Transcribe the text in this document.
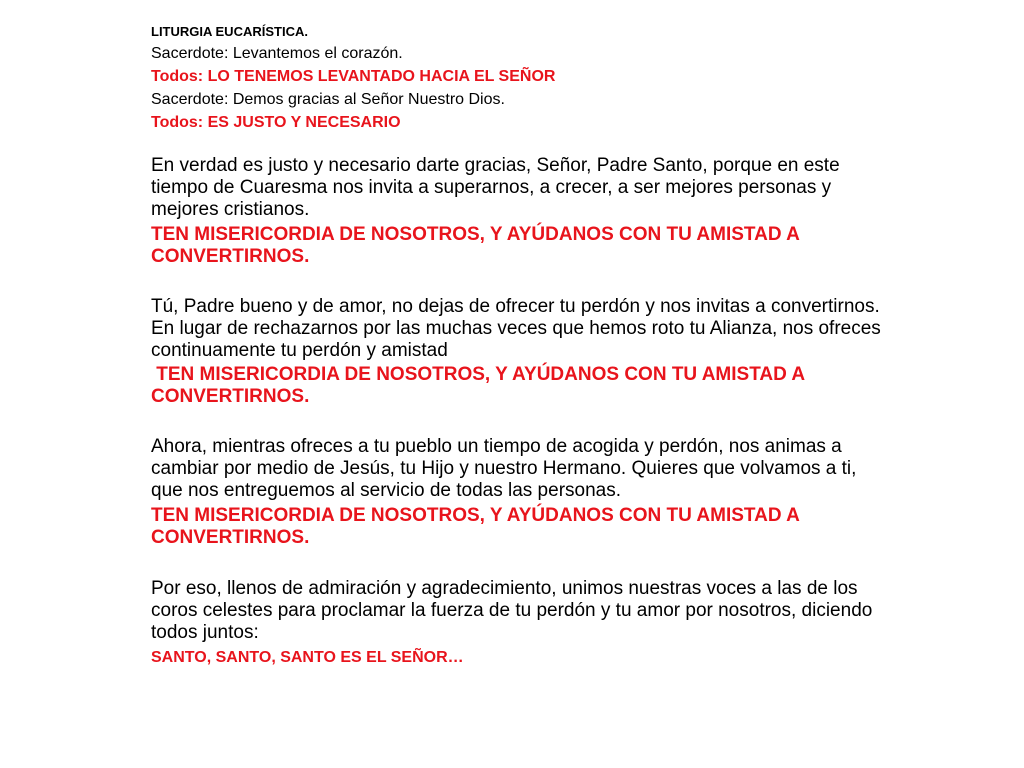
LITURGIA EUCARÍSTICA.

Sacerdote: Levantemos el corazón.

Todos: LO TENEMOS LEVANTADO HACIA EL SEÑOR

Sacerdote: Demos gracias al Señor Nuestro Dios.

Todos: ES JUSTO Y NECESARIO

En verdad es justo y necesario darte gracias, Señor, Padre Santo, porque en este tiempo de Cuaresma nos invita a superarnos, a crecer, a ser mejores personas y mejores cristianos.

TEN MISERICORDIA DE NOSOTROS, Y AYÚDANOS CON TU AMISTAD A CONVERTIRNOS.

Tú, Padre bueno y de amor, no dejas de ofrecer tu perdón y nos invitas a convertirnos. En lugar de rechazarnos por las muchas veces que hemos roto tu Alianza, nos ofreces continuamente tu perdón y amistad

TEN MISERICORDIA DE NOSOTROS, Y AYÚDANOS CON TU AMISTAD A CONVERTIRNOS.

Ahora, mientras ofreces a tu pueblo un tiempo de acogida y perdón, nos animas a cambiar por medio de Jesús, tu Hijo y nuestro Hermano. Quieres que volvamos a ti, que nos entreguemos al servicio de todas las personas.

TEN MISERICORDIA DE NOSOTROS, Y AYÚDANOS CON TU AMISTAD A CONVERTIRNOS.

Por eso, llenos de admiración y agradecimiento, unimos nuestras voces a las de los coros celestes para proclamar la fuerza de tu perdón y tu amor por nosotros, diciendo todos juntos:

SANTO, SANTO, SANTO ES EL SEÑOR…
